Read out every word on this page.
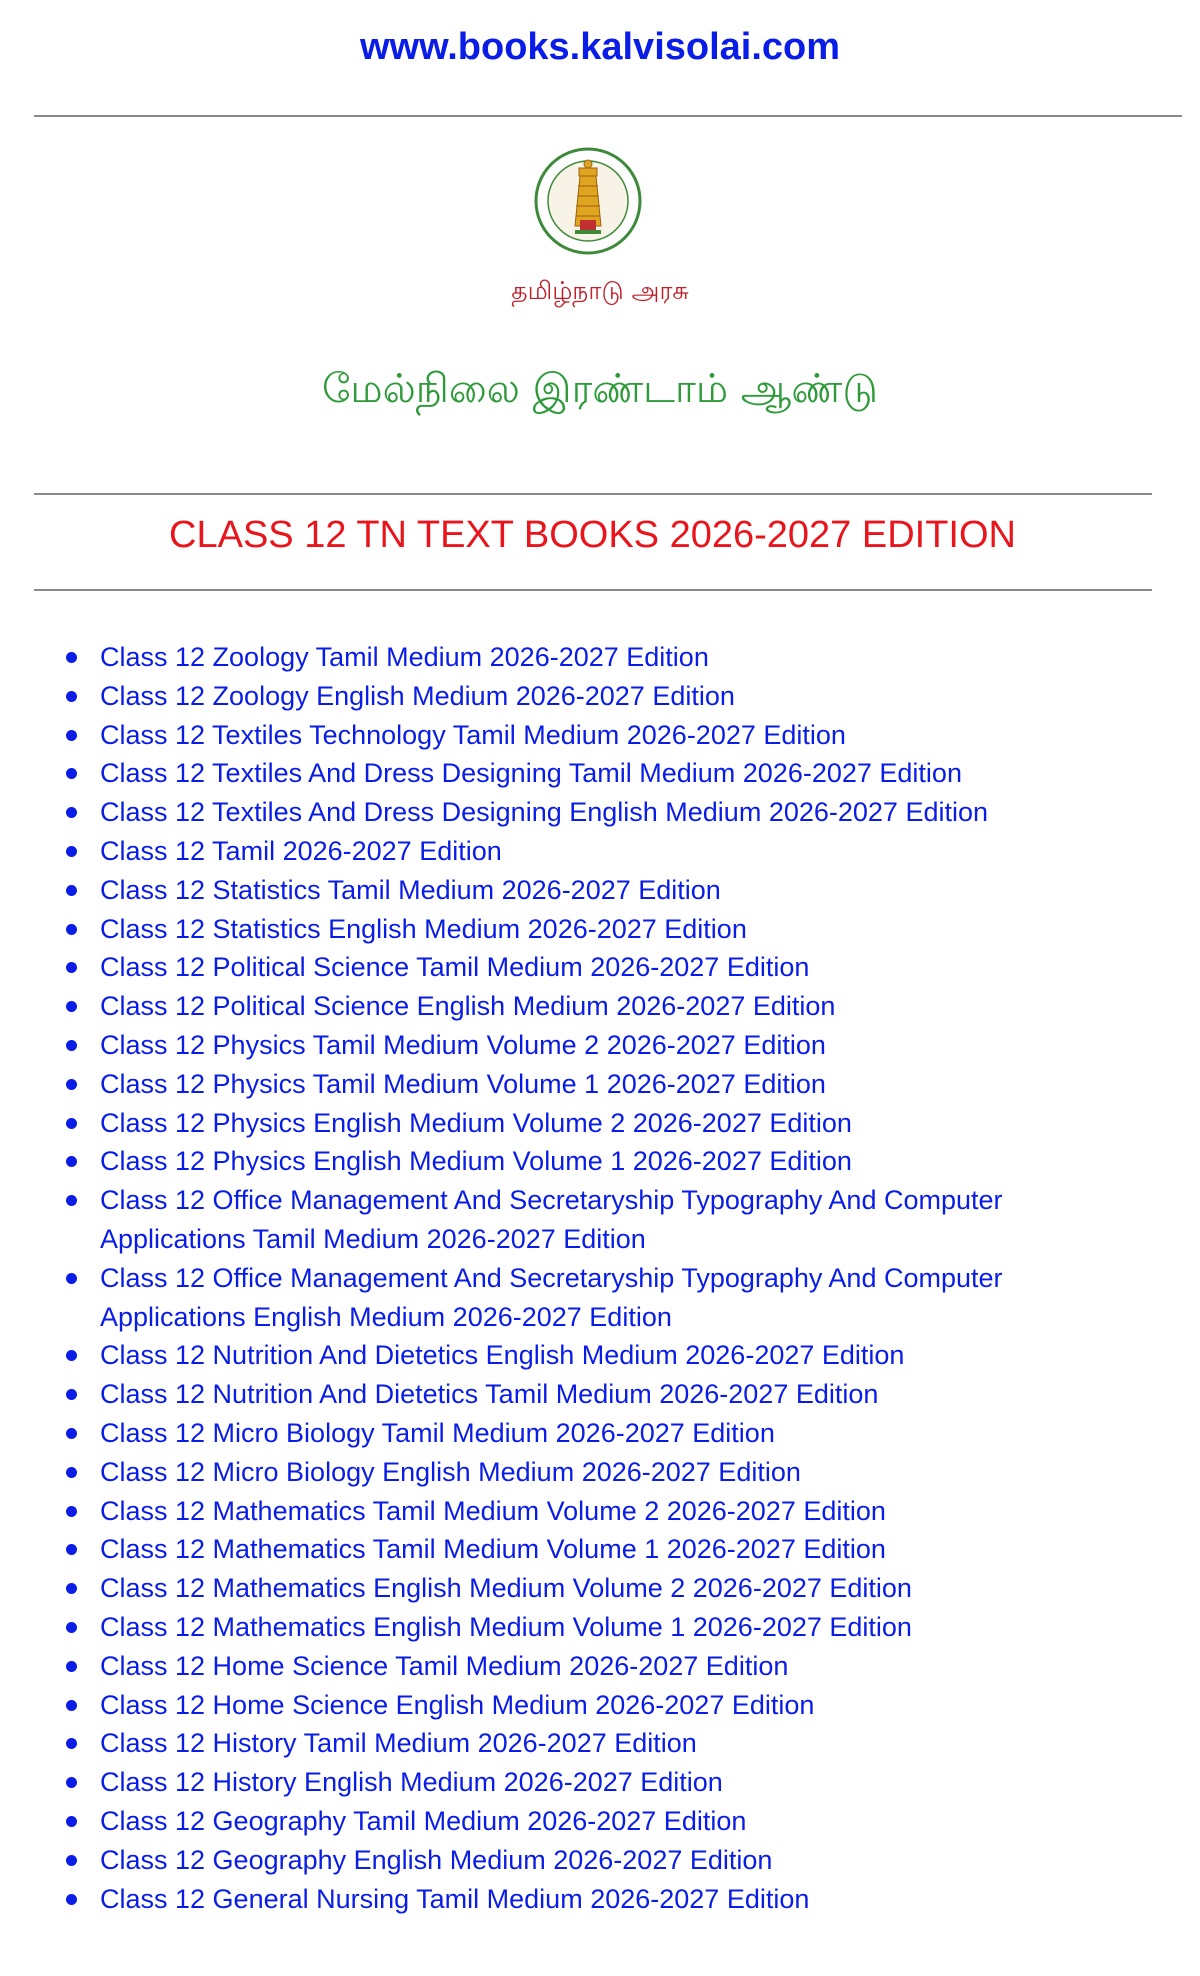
www.books.kalvisolai.com
தமிழ்நாடு அரசு
மேல்நிலை இரண்டாம் ஆண்டு
CLASS 12 TN TEXT BOOKS 2026-2027 EDITION
Class 12 Zoology Tamil Medium 2026-2027 Edition
Class 12 Zoology English Medium 2026-2027 Edition
Class 12 Textiles Technology Tamil Medium 2026-2027 Edition
Class 12 Textiles And Dress Designing Tamil Medium 2026-2027 Edition
Class 12 Textiles And Dress Designing English Medium 2026-2027 Edition
Class 12 Tamil 2026-2027 Edition
Class 12 Statistics Tamil Medium 2026-2027 Edition
Class 12 Statistics English Medium 2026-2027 Edition
Class 12 Political Science Tamil Medium 2026-2027 Edition
Class 12 Political Science English Medium 2026-2027 Edition
Class 12 Physics Tamil Medium Volume 2 2026-2027 Edition
Class 12 Physics Tamil Medium Volume 1 2026-2027 Edition
Class 12 Physics English Medium Volume 2 2026-2027 Edition
Class 12 Physics English Medium Volume 1 2026-2027 Edition
Class 12 Office Management And Secretaryship Typography And Computer Applications Tamil Medium 2026-2027 Edition
Class 12 Office Management And Secretaryship Typography And Computer Applications English Medium 2026-2027 Edition
Class 12 Nutrition And Dietetics English Medium 2026-2027 Edition
Class 12 Nutrition And Dietetics Tamil Medium 2026-2027 Edition
Class 12 Micro Biology Tamil Medium 2026-2027 Edition
Class 12 Micro Biology English Medium 2026-2027 Edition
Class 12 Mathematics Tamil Medium Volume 2 2026-2027 Edition
Class 12 Mathematics Tamil Medium Volume 1 2026-2027 Edition
Class 12 Mathematics English Medium Volume 2 2026-2027 Edition
Class 12 Mathematics English Medium Volume 1 2026-2027 Edition
Class 12 Home Science Tamil Medium 2026-2027 Edition
Class 12 Home Science English Medium 2026-2027 Edition
Class 12 History Tamil Medium 2026-2027 Edition
Class 12 History English Medium 2026-2027 Edition
Class 12 Geography Tamil Medium 2026-2027 Edition
Class 12 Geography English Medium 2026-2027 Edition
Class 12 General Nursing Tamil Medium 2026-2027 Edition
